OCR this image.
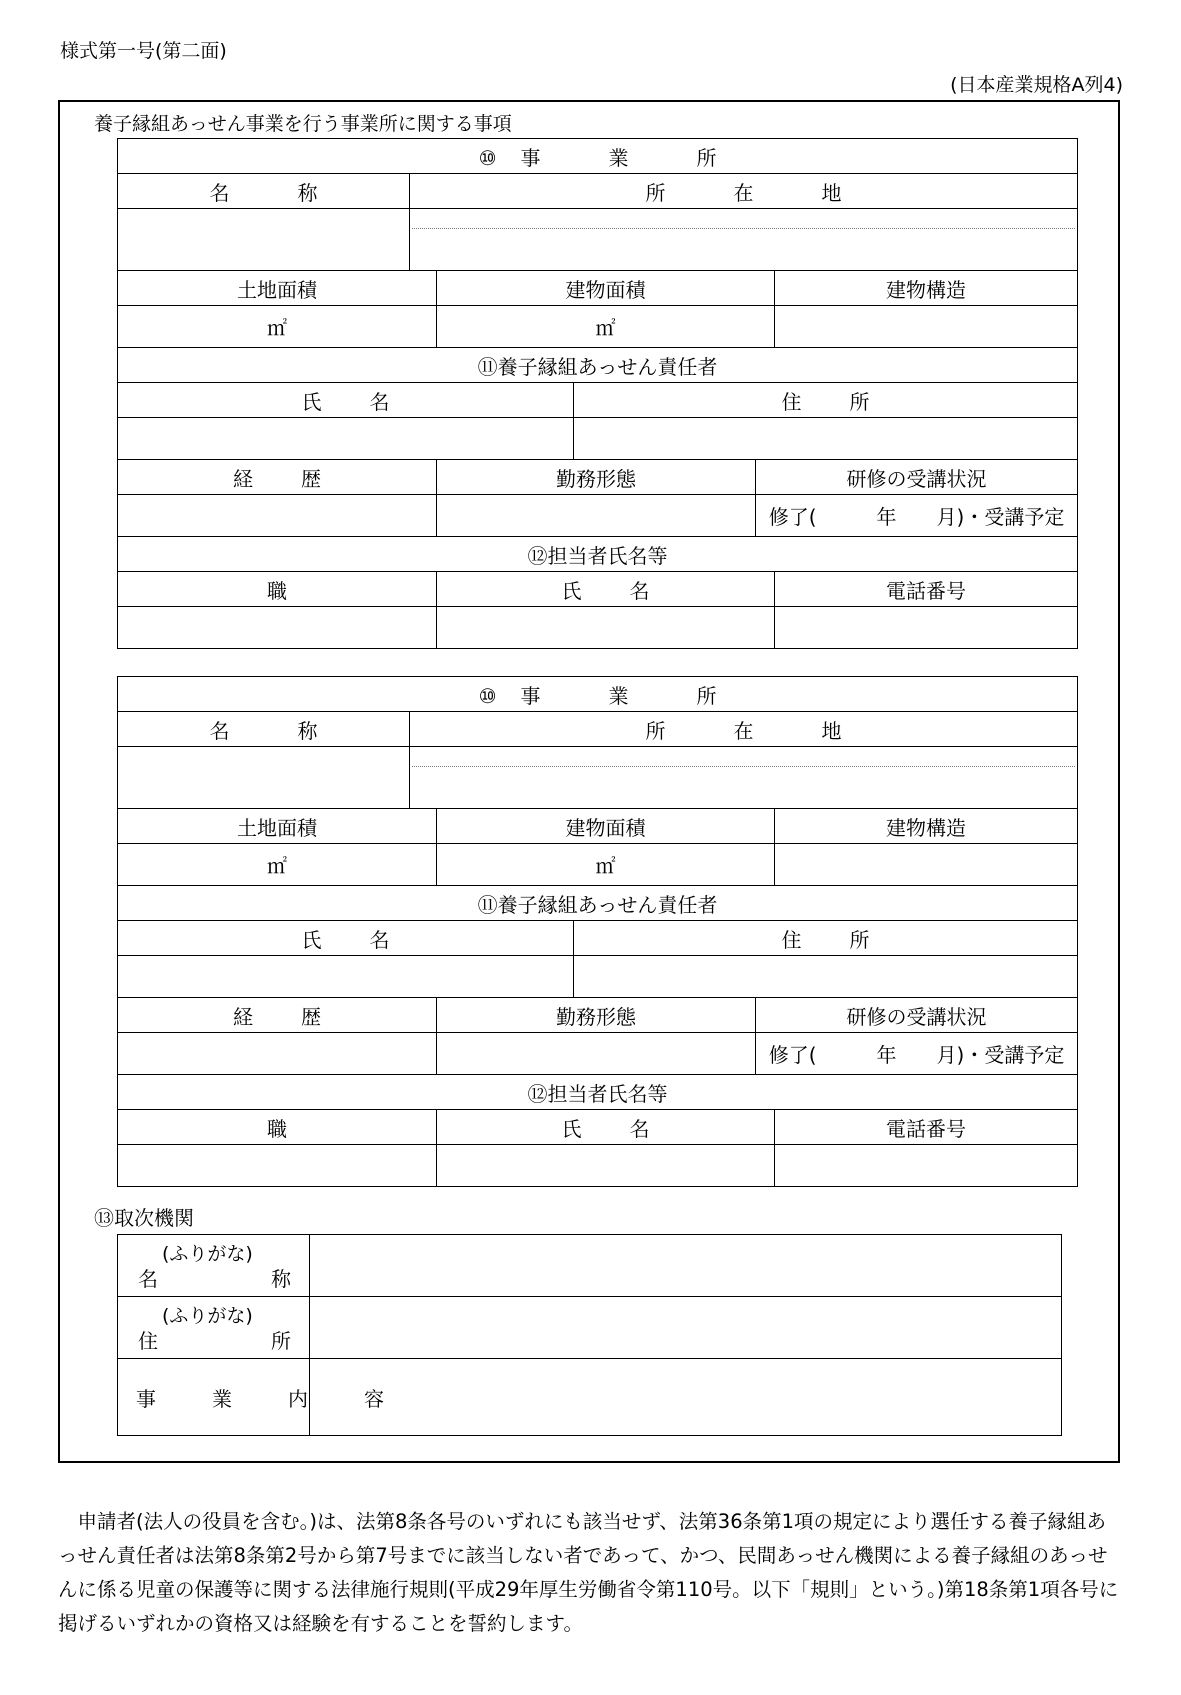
様式第一号(第二面)
(日本産業規格A列4)
養子縁組あっせん事業を行う事業所に関する事項
⑩事　業　所					
名　称	所　在　地				

土地面積		建物面積			建物構造
㎡		㎡			
⑪養子縁組あっせん責任者					
氏　名			住　所		

経　歴		勤務形態		研修の受講状況	
				修了(　　　年　　月)・受講予定	
⑫担当者氏名等					
職		氏　名			電話番号

⑩事　業　所					
名　称	所　在　地				

土地面積		建物面積			建物構造
㎡		㎡			
⑪養子縁組あっせん責任者					
氏　名			住　所		

経　歴		勤務形態		研修の受講状況	
				修了(　　　年　　月)・受講予定	
⑫担当者氏名等					
職		氏　名			電話番号

⑬取次機関
(ふりがな)
名 称	

(ふりがな)
住 所	

事　業　内　容	

申請者(法人の役員を含む。)は、法第8条各号のいずれにも該当せず、法第36条第1項の規定により選任する養子縁組あっせん責任者は法第8条第2号から第7号までに該当しない者であって、かつ、民間あっせん機関による養子縁組のあっせんに係る児童の保護等に関する法律施行規則(平成29年厚生労働省令第110号。以下「規則」という。)第18条第1項各号に掲げるいずれかの資格又は経験を有することを誓約します。
